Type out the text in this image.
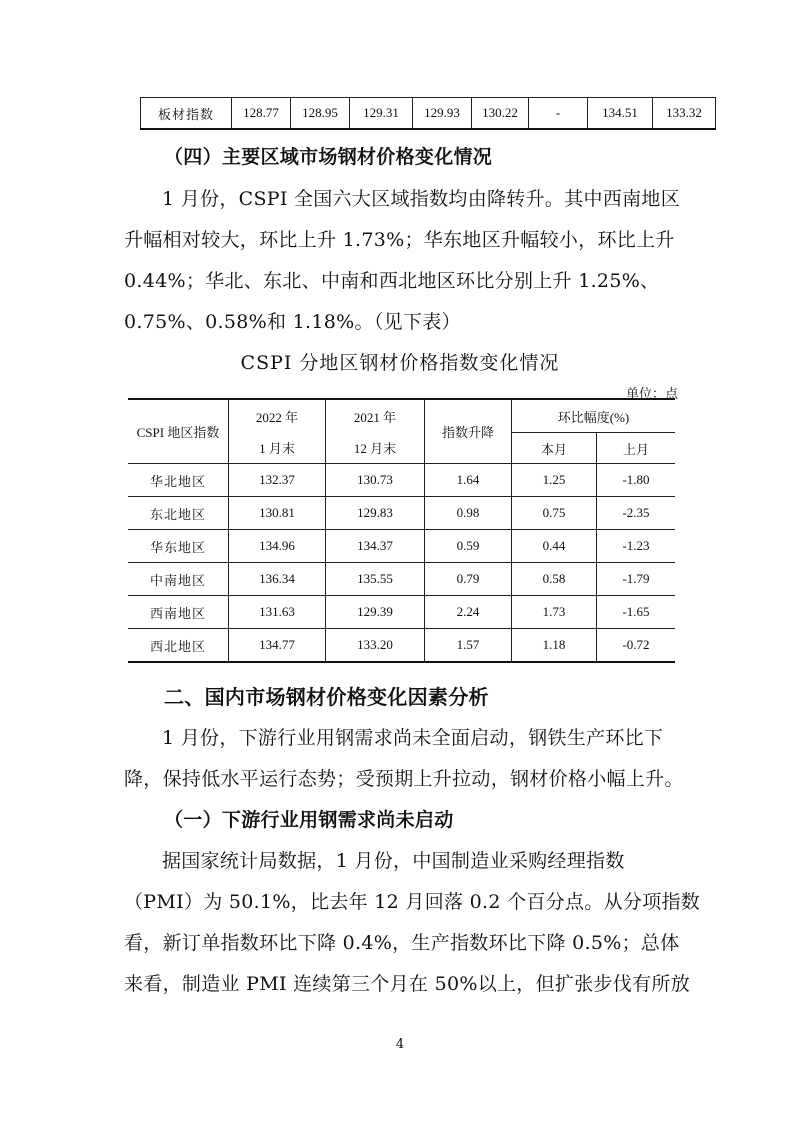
板材指数	128.77	128.95	129.31	129.93	130.22	-	134.51	133.32
（四）主要区域市场钢材价格变化情况
1 月份，CSPI 全国六大区域指数均由降转升。其中西南地区
升幅相对较大，环比上升 1.73%；华东地区升幅较小，环比上升
0.44%；华北、东北、中南和西北地区环比分别上升 1.25%、
0.75%、0.58%和 1.18%。（见下表）
CSPI 分地区钢材价格指数变化情况
单位：点
CSPI 地区指数	2022 年	2021 年	指数升降	环比幅度(%)	
	1 月末	12 月末		本月	上月
华北地区	132.37	130.73	1.64	1.25	-1.80
东北地区	130.81	129.83	0.98	0.75	-2.35
华东地区	134.96	134.37	0.59	0.44	-1.23
中南地区	136.34	135.55	0.79	0.58	-1.79
西南地区	131.63	129.39	2.24	1.73	-1.65
西北地区	134.77	133.20	1.57	1.18	-0.72
二、国内市场钢材价格变化因素分析
1 月份，下游行业用钢需求尚未全面启动，钢铁生产环比下
降，保持低水平运行态势；受预期上升拉动，钢材价格小幅上升。
（一）下游行业用钢需求尚未启动
据国家统计局数据，1 月份，中国制造业采购经理指数
（PMI）为 50.1%，比去年 12 月回落 0.2 个百分点。从分项指数
看，新订单指数环比下降 0.4%，生产指数环比下降 0.5%；总体
来看，制造业 PMI 连续第三个月在 50%以上，但扩张步伐有所放
4
